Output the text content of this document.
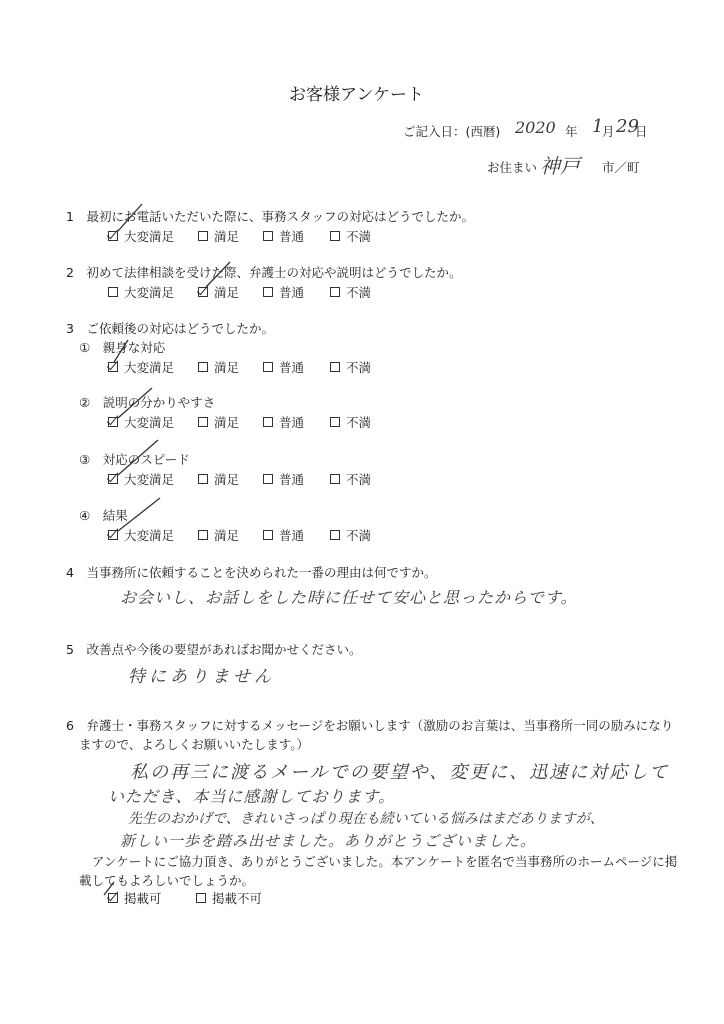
お客様アンケート
ご記入日：(西暦) 2020 年 1
月 29
日
お住まい 神戸 市／町
1　最初にお電話いただいた際に、事務スタッフの対応はどうでしたか。
大変満足	満足	普通	不満
2　初めて法律相談を受けた際、弁護士の対応や説明はどうでしたか。
大変満足	満足	普通	不満
3　ご依頼後の対応はどうでしたか。
①　親身な対応
大変満足	満足	普通	不満
②　説明の分かりやすさ
大変満足	満足	普通	不満
③　対応のスピード
大変満足	満足	普通	不満
④　結果
大変満足	満足	普通	不満
4　当事務所に依頼することを決められた一番の理由は何ですか。
お会いし、お話しをした時に任せて安心と思ったからです。
5　改善点や今後の要望があればお聞かせください。
特にありません
6　弁護士・事務スタッフに対するメッセージをお願いします（激励のお言葉は、当事務所一同の励みになり
ますので、よろしくお願いいたします。）
私の再三に渡るメールでの要望や、変更に、迅速に対応して
いただき、本当に感謝しております。
先生のおかげで、きれいさっぱり現在も続いている悩みはまだありますが、
新しい一歩を踏み出せました。ありがとうございました。
アンケートにご協力頂き、ありがとうございました。本アンケートを匿名で当事務所のホームページに掲
載してもよろしいでしょうか。
掲載可	掲載不可
